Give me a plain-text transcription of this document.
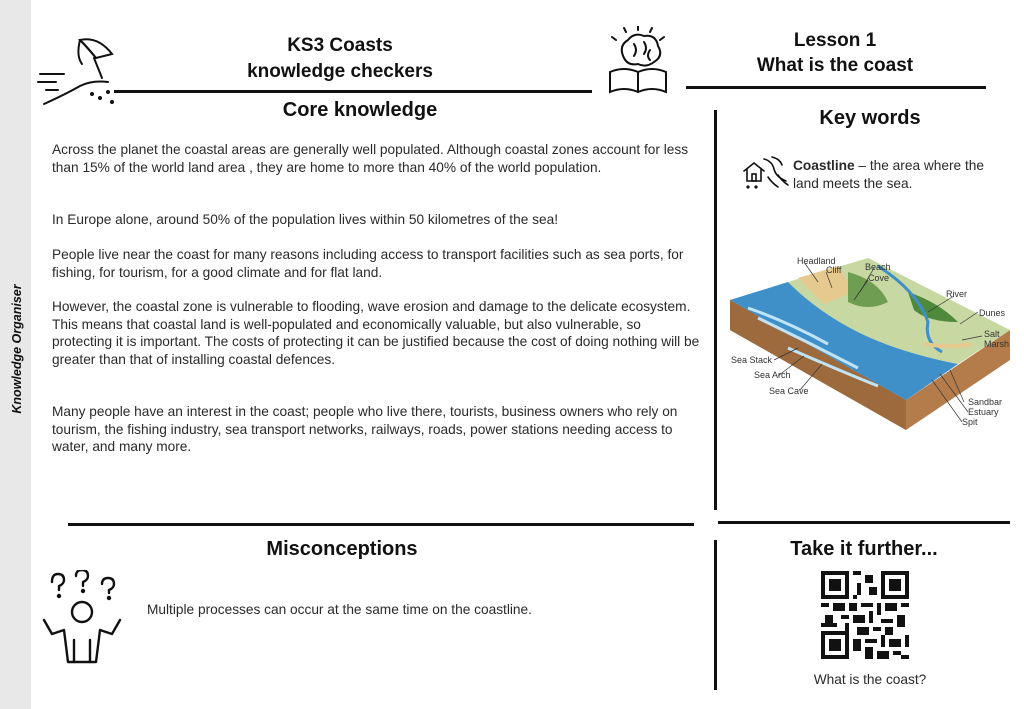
Knowledge Organiser
KS3 Coasts
knowledge checkers
Lesson 1
What is the coast
Core knowledge

Across the planet the coastal areas are generally well populated. Although coastal zones account for less than 15% of the world land area , they are home to more than 40% of the world population.

In Europe alone, around 50% of the population lives within 50 kilometres of the sea!

People live near the coast for many reasons including access to transport facilities such as sea ports, for fishing, for tourism, for a good climate and for flat land.

However, the coastal zone is vulnerable to flooding, wave erosion and damage to the delicate ecosystem. This means that coastal land is well-populated and economically valuable, but also vulnerable, so protecting it is important. The costs of protecting it can be justified because the cost of doing nothing will be greater than that of installing coastal defences.

Many people have an interest in the coast; people who live there, tourists, business owners who rely on tourism, the fishing industry, sea transport networks, railways, roads, power stations needing access to water, and many more.

Key words
Coastline – the area where the land meets the sea.
Headland
Cliff	Beach
Cove
River
Dunes
Salt
Marsh
Sea Stack
Sea Arch
Sea Cave
Sandbar
Estuary
Spit
Misconceptions
Multiple processes can occur at the same time on the coastline.
Take it further...
What is the coast?
